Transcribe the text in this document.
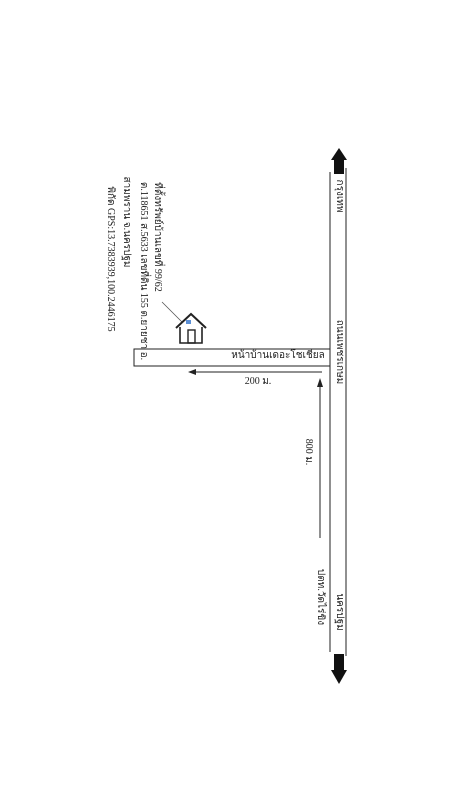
กรุงเทพ
ถนนเพชรเกษม
นครปฐม
หน้าบ้านเดอะโชเชียล
200 ม.
800 ม.
ปตท.วัดไร่ขิง
ที่ตั้งทรัพย์บ้านเลขที่ 99/62
ต.118651 ส.5633 เลขที่ดิน 155 ต.ยายชา อ.
สามพราน จ.นครปฐม
พิกัด GPS:13.7383939,100.2446175
